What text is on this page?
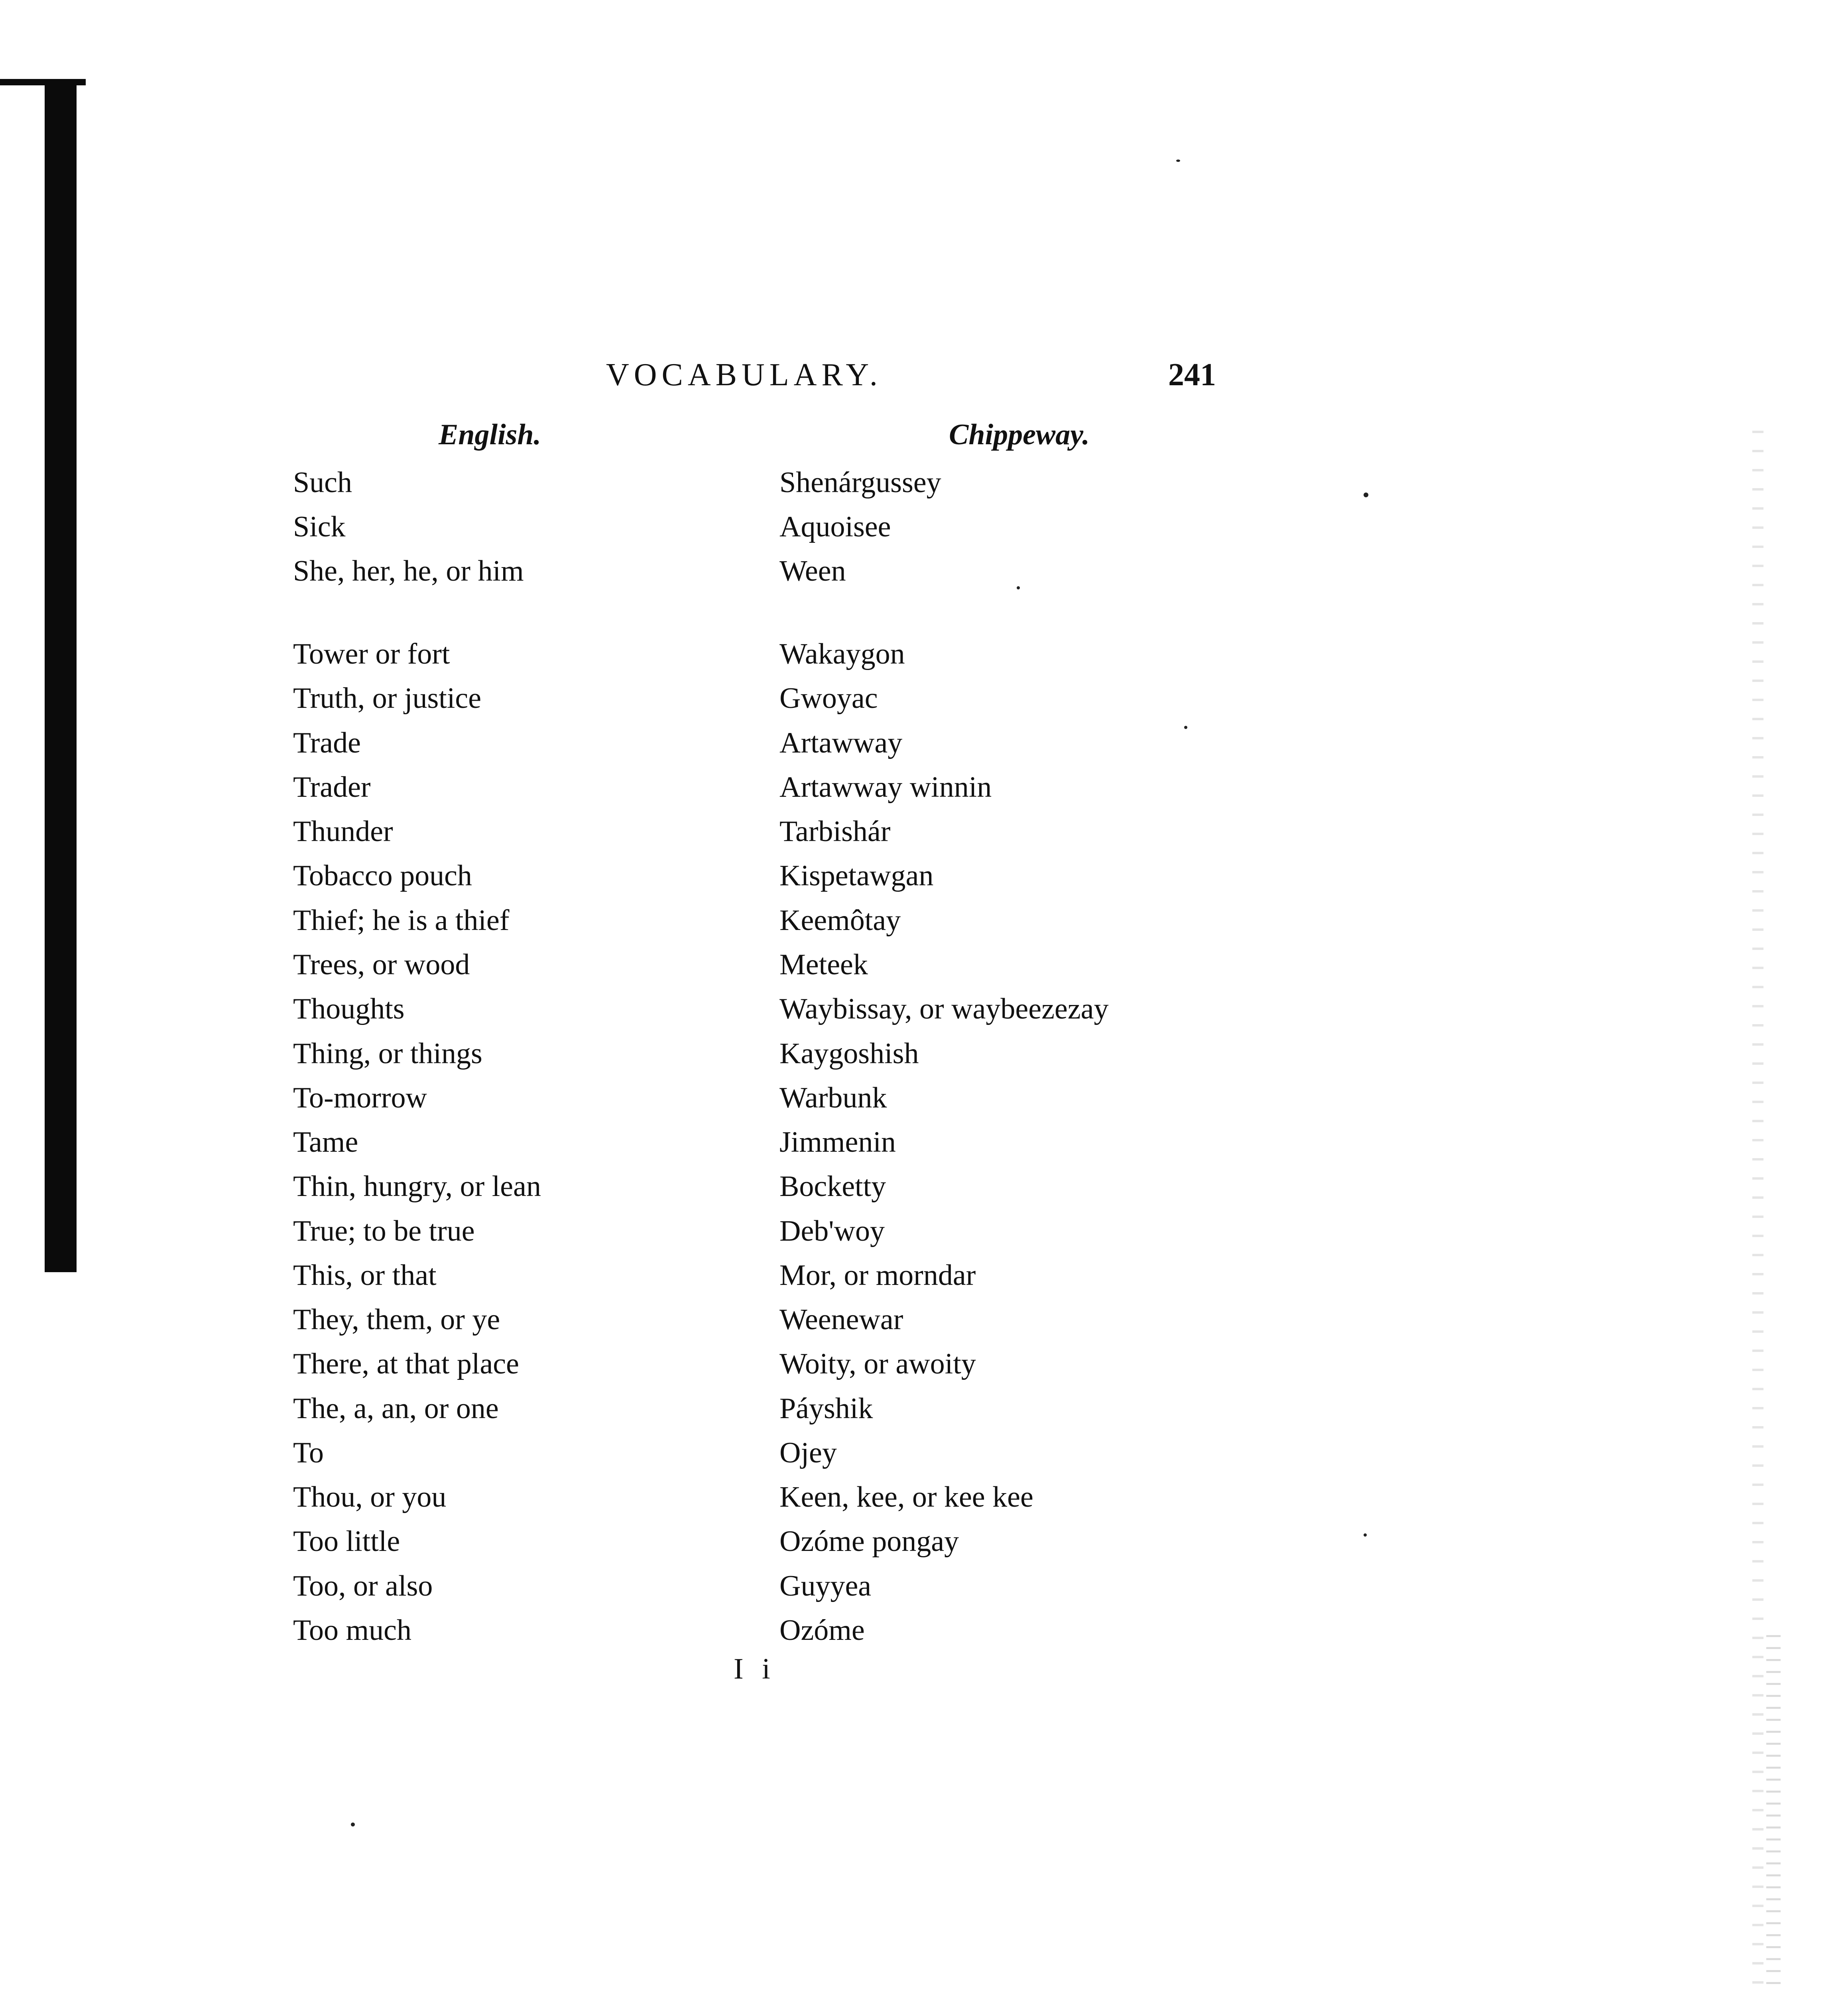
VOCABULARY.	241
English.	Chippeway.
Such	Shenárgussey
Sick	Aquoisee
She, her, he, or him	Ween
Tower or fort	Wakaygon
Truth, or justice	Gwoyac
Trade	Artawway
Trader	Artawway winnin
Thunder	Tarbishár
Tobacco pouch	Kispetawgan
Thief; he is a thief	Keemôtay
Trees, or wood	Meteek
Thoughts	Waybissay, or waybeezezay
Thing, or things	Kaygoshish
To-morrow	Warbunk
Tame	Jimmenin
Thin, hungry, or lean	Bocketty
True; to be true	Deb'woy
This, or that	Mor, or morndar
They, them, or ye	Weenewar
There, at that place	Woity, or awoity
The, a, an, or one	Páyshik
To	Ojey
Thou, or you	Keen, kee, or kee kee
Too little	Ozóme pongay
Too, or also	Guyyea
Too much	Ozóme
I i
